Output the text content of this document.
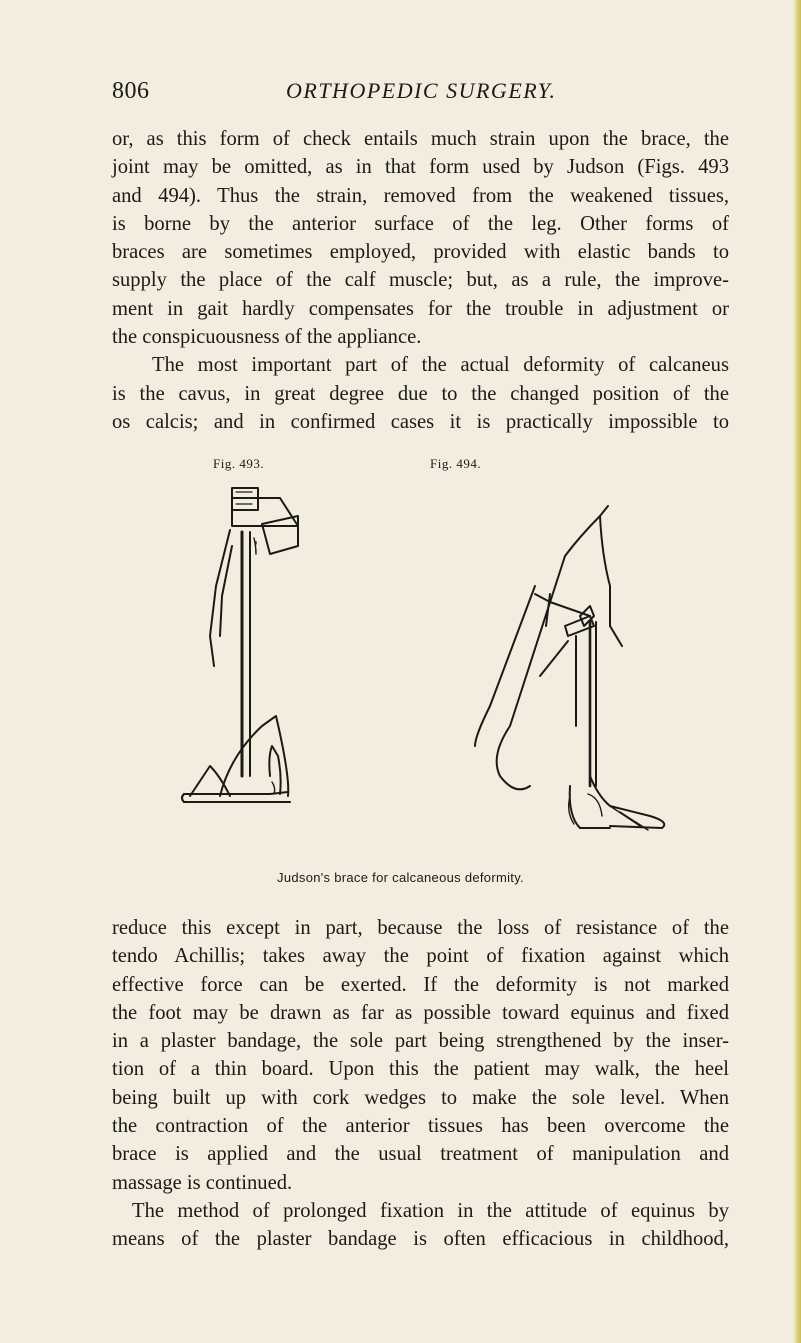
806	ORTHOPEDIC SURGERY.

or, as this form of check entails much strain upon the brace, the
joint may be omitted, as in that form used by Judson (Figs. 493
and 494). Thus the strain, removed from the weakened tissues,
is borne by the anterior surface of the leg. Other forms of
braces are sometimes employed, provided with elastic bands to
supply the place of the calf muscle; but, as a rule, the improve-
ment in gait hardly compensates for the trouble in adjustment or
the conspicuousness of the appliance.

The most important part of the actual deformity of calcaneus
is the cavus, in great degree due to the changed position of the
os calcis; and in confirmed cases it is practically impossible to

Fig. 493.	Fig. 494.
Judson's brace for calcaneous deformity.

reduce this except in part, because the loss of resistance of the
tendo Achillis; takes away the point of fixation against which
effective force can be exerted. If the deformity is not marked
the foot may be drawn as far as possible toward equinus and fixed
in a plaster bandage, the sole part being strengthened by the inser-
tion of a thin board. Upon this the patient may walk, the heel
being built up with cork wedges to make the sole level. When
the contraction of the anterior tissues has been overcome the
brace is applied and the usual treatment of manipulation and
massage is continued.

The method of prolonged fixation in the attitude of equinus by
means of the plaster bandage is often efficacious in childhood,
